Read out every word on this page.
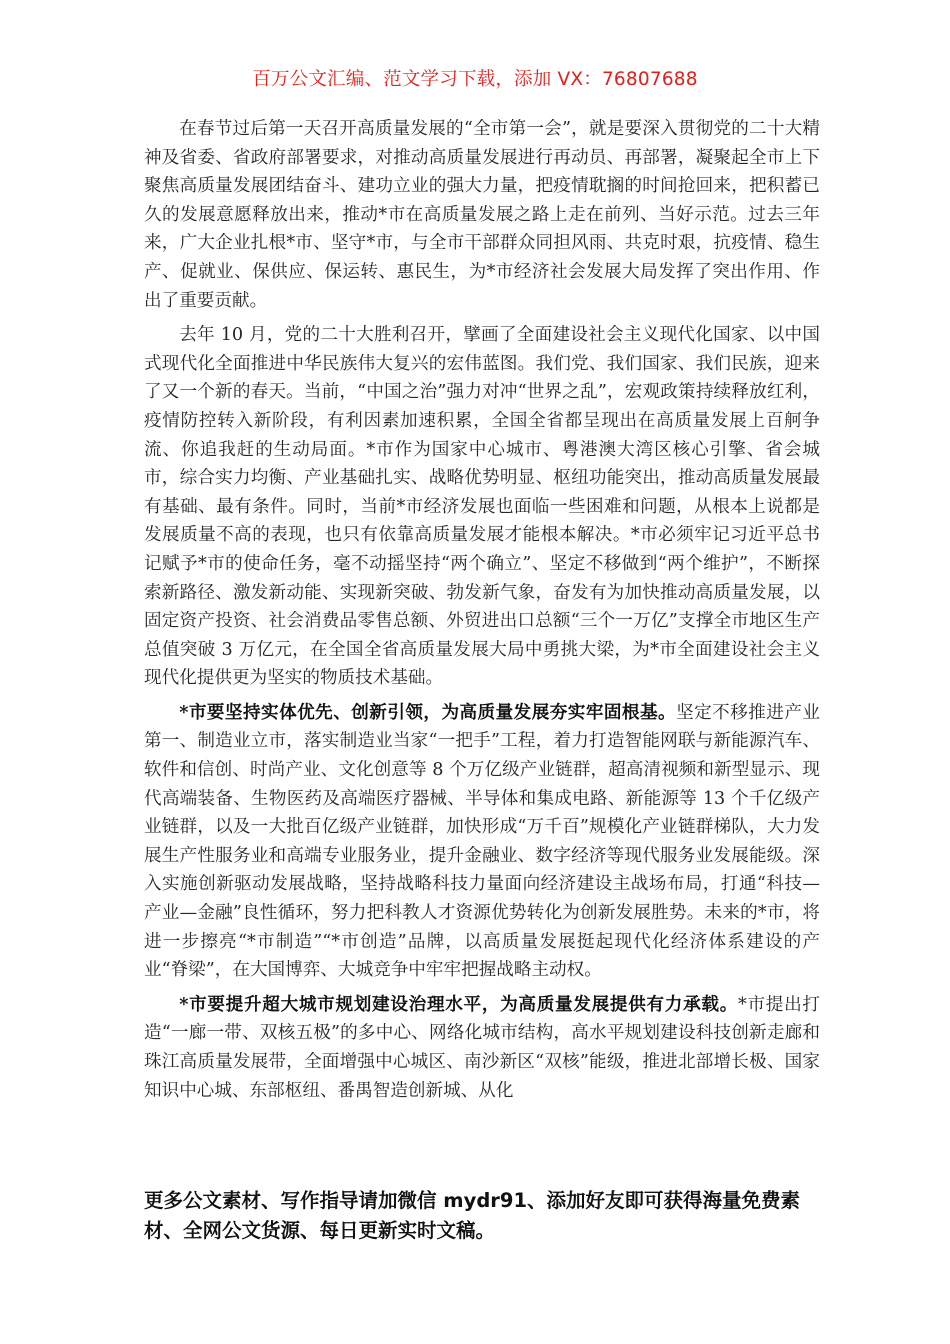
百万公文汇编、范文学习下载，添加 VX：76807688

在春节过后第一天召开高质量发展的“全市第一会”，就是要深入贯彻党的二十大精神及省委、省政府部署要求，对推动高质量发展进行再动员、再部署，凝聚起全市上下聚焦高质量发展团结奋斗、建功立业的强大力量，把疫情耽搁的时间抢回来，把积蓄已久的发展意愿释放出来，推动*市在高质量发展之路上走在前列、当好示范。过去三年来，广大企业扎根*市、坚守*市，与全市干部群众同担风雨、共克时艰，抗疫情、稳生产、促就业、保供应、保运转、惠民生，为*市经济社会发展大局发挥了突出作用、作出了重要贡献。

去年 10 月，党的二十大胜利召开，擘画了全面建设社会主义现代化国家、以中国式现代化全面推进中华民族伟大复兴的宏伟蓝图。我们党、我们国家、我们民族，迎来了又一个新的春天。当前，“中国之治”强力对冲“世界之乱”，宏观政策持续释放红利，疫情防控转入新阶段，有利因素加速积累，全国全省都呈现出在高质量发展上百舸争流、你追我赶的生动局面。*市作为国家中心城市、粤港澳大湾区核心引擎、省会城市，综合实力均衡、产业基础扎实、战略优势明显、枢纽功能突出，推动高质量发展最有基础、最有条件。同时，当前*市经济发展也面临一些困难和问题，从根本上说都是发展质量不高的表现，也只有依靠高质量发展才能根本解决。*市必须牢记习近平总书记赋予*市的使命任务，毫不动摇坚持“两个确立”、坚定不移做到“两个维护”，不断探索新路径、激发新动能、实现新突破、勃发新气象，奋发有为加快推动高质量发展，以固定资产投资、社会消费品零售总额、外贸进出口总额“三个一万亿”支撑全市地区生产总值突破 3 万亿元，在全国全省高质量发展大局中勇挑大梁，为*市全面建设社会主义现代化提供更为坚实的物质技术基础。

*市要坚持实体优先、创新引领，为高质量发展夯实牢固根基。坚定不移推进产业第一、制造业立市，落实制造业当家“一把手”工程，着力打造智能网联与新能源汽车、软件和信创、时尚产业、文化创意等 8 个万亿级产业链群，超高清视频和新型显示、现代高端装备、生物医药及高端医疗器械、半导体和集成电路、新能源等 13 个千亿级产业链群，以及一大批百亿级产业链群，加快形成“万千百”规模化产业链群梯队，大力发展生产性服务业和高端专业服务业，提升金融业、数字经济等现代服务业发展能级。深入实施创新驱动发展战略，坚持战略科技力量面向经济建设主战场布局，打通“科技—产业—金融”良性循环，努力把科教人才资源优势转化为创新发展胜势。未来的*市，将进一步擦亮“*市制造”“*市创造”品牌，以高质量发展挺起现代化经济体系建设的产业“脊梁”，在大国博弈、大城竞争中牢牢把握战略主动权。

*市要提升超大城市规划建设治理水平，为高质量发展提供有力承载。*市提出打造“一廊一带、双核五极”的多中心、网络化城市结构，高水平规划建设科技创新走廊和珠江高质量发展带，全面增强中心城区、南沙新区“双核”能级，推进北部增长极、国家知识中心城、东部枢纽、番禺智造创新城、从化

更多公文素材、写作指导请加微信 mydr91、添加好友即可获得海量免费素材、全网公文货源、每日更新实时文稿。
